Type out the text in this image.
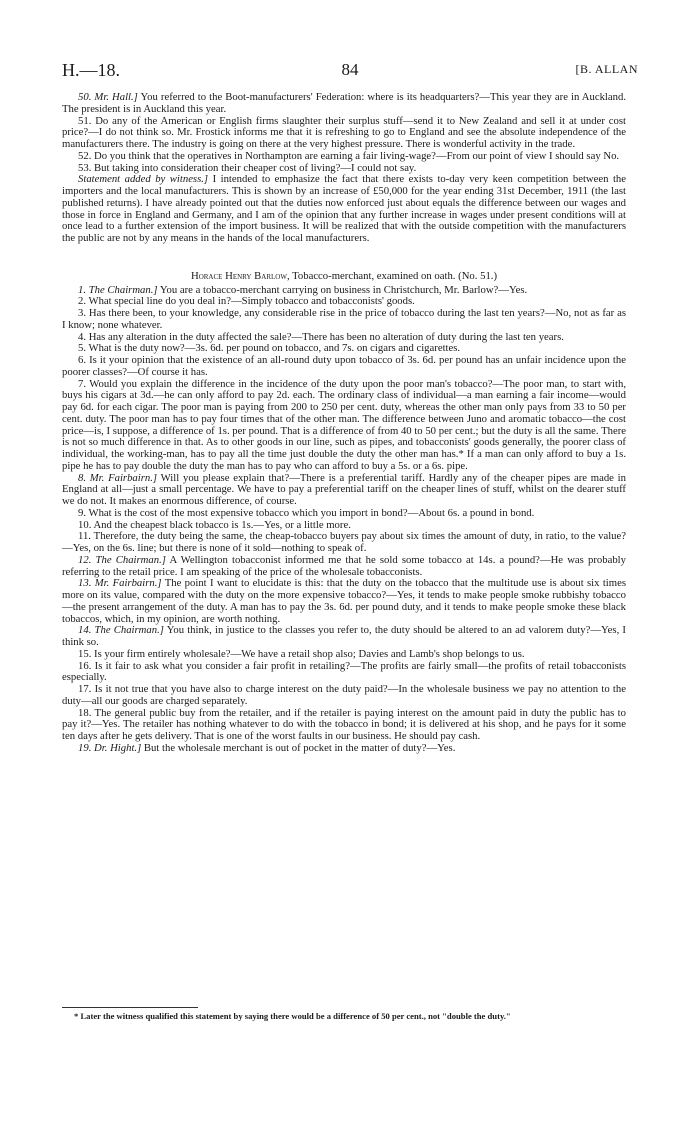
H.—18.	84	[B. ALLAN

50. Mr. Hall.] You referred to the Boot-manufacturers' Federation: where is its headquarters?—This year they are in Auckland. The president is in Auckland this year.

51. Do any of the American or English firms slaughter their surplus stuff—send it to New Zealand and sell it at under cost price?—I do not think so. Mr. Frostick informs me that it is refreshing to go to England and see the absolute independence of the manufacturers there. The industry is going on there at the very highest pressure. There is wonderful activity in the trade.

52. Do you think that the operatives in Northampton are earning a fair living-wage?—From our point of view I should say No.

53. But taking into consideration their cheaper cost of living?—I could not say.

Statement added by witness.] I intended to emphasize the fact that there exists to-day very keen competition between the importers and the local manufacturers. This is shown by an increase of £50,000 for the year ending 31st December, 1911 (the last published returns). I have already pointed out that the duties now enforced just about equals the difference between our wages and those in force in England and Germany, and I am of the opinion that any further increase in wages under present conditions will at once lead to a further extension of the import business. It will be realized that with the outside competition with the manufacturers the public are not by any means in the hands of the local manufacturers.

Horace Henry Barlow, Tobacco-merchant, examined on oath. (No. 51.)

1. The Chairman.] You are a tobacco-merchant carrying on business in Christchurch, Mr. Barlow?—Yes.

2. What special line do you deal in?—Simply tobacco and tobacconists' goods.

3. Has there been, to your knowledge, any considerable rise in the price of tobacco during the last ten years?—No, not as far as I know; none whatever.

4. Has any alteration in the duty affected the sale?—There has been no alteration of duty during the last ten years.

5. What is the duty now?—3s. 6d. per pound on tobacco, and 7s. on cigars and cigarettes.

6. Is it your opinion that the existence of an all-round duty upon tobacco of 3s. 6d. per pound has an unfair incidence upon the poorer classes?—Of course it has.

7. Would you explain the difference in the incidence of the duty upon the poor man's tobacco?—The poor man, to start with, buys his cigars at 3d.—he can only afford to pay 2d. each. The ordinary class of individual—a man earning a fair income—would pay 6d. for each cigar. The poor man is paying from 200 to 250 per cent. duty, whereas the other man only pays from 33 to 50 per cent. duty. The poor man has to pay four times that of the other man. The difference between Juno and aromatic tobacco—the cost price—is, I suppose, a difference of 1s. per pound. That is a difference of from 40 to 50 per cent.; but the duty is all the same. There is not so much difference in that. As to other goods in our line, such as pipes, and tobacconists' goods generally, the poorer class of individual, the working-man, has to pay all the time just double the duty the other man has.* If a man can only afford to buy a 1s. pipe he has to pay double the duty the man has to pay who can afford to buy a 5s. or a 6s. pipe.

8. Mr. Fairbairn.] Will you please explain that?—There is a preferential tariff. Hardly any of the cheaper pipes are made in England at all—just a small percentage. We have to pay a preferential tariff on the cheaper lines of stuff, whilst on the dearer stuff we do not. It makes an enormous difference, of course.

9. What is the cost of the most expensive tobacco which you import in bond?—About 6s. a pound in bond.

10. And the cheapest black tobacco is 1s.—Yes, or a little more.

11. Therefore, the duty being the same, the cheap-tobacco buyers pay about six times the amount of duty, in ratio, to the value?—Yes, on the 6s. line; but there is none of it sold—nothing to speak of.

12. The Chairman.] A Wellington tobacconist informed me that he sold some tobacco at 14s. a pound?—He was probably referring to the retail price. I am speaking of the price of the wholesale tobacconists.

13. Mr. Fairbairn.] The point I want to elucidate is this: that the duty on the tobacco that the multitude use is about six times more on its value, compared with the duty on the more expensive tobacco?—Yes, it tends to make people smoke rubbishy tobacco—the present arrangement of the duty. A man has to pay the 3s. 6d. per pound duty, and it tends to make people smoke these black tobaccos, which, in my opinion, are worth nothing.

14. The Chairman.] You think, in justice to the classes you refer to, the duty should be altered to an ad valorem duty?—Yes, I think so.

15. Is your firm entirely wholesale?—We have a retail shop also; Davies and Lamb's shop belongs to us.

16. Is it fair to ask what you consider a fair profit in retailing?—The profits are fairly small—the profits of retail tobacconists especially.

17. Is it not true that you have also to charge interest on the duty paid?—In the wholesale business we pay no attention to the duty—all our goods are charged separately.

18. The general public buy from the retailer, and if the retailer is paying interest on the amount paid in duty the public has to pay it?—Yes. The retailer has nothing whatever to do with the tobacco in bond; it is delivered at his shop, and he pays for it some ten days after he gets delivery. That is one of the worst faults in our business. He should pay cash.

19. Dr. Hight.] But the wholesale merchant is out of pocket in the matter of duty?—Yes.

* Later the witness qualified this statement by saying there would be a difference of 50 per cent., not "double the duty."
